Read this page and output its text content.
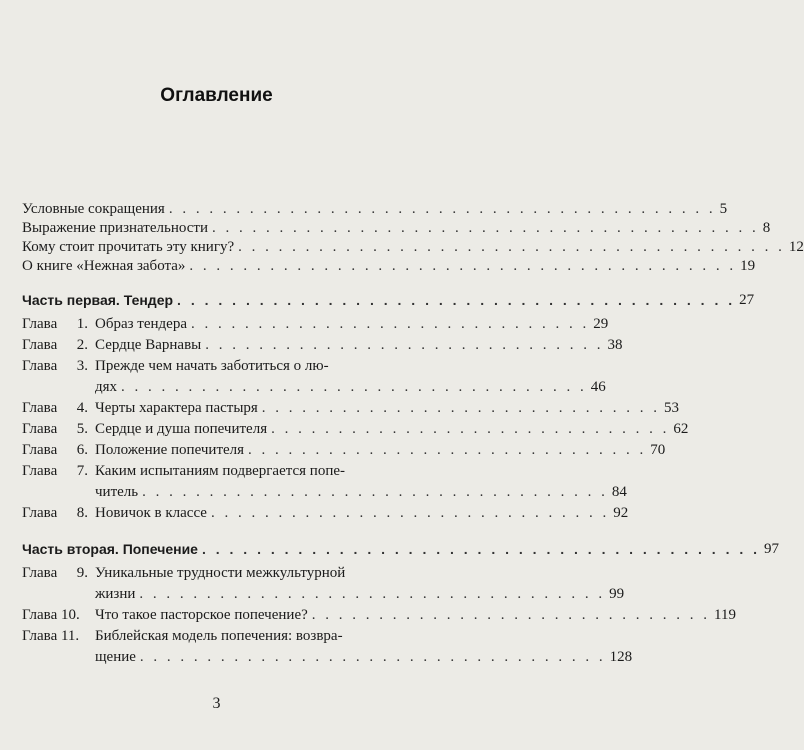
Оглавление
Условные сокращения . . . . . . . . . . . . . . . . . . . . . . . . . . . . . . . . . . . . . . . . . 5
Выражение признательности . . . . . . . . . . . . . . . . . . . . . . . . . . . . . . . . . . . . . . . . . 8
Кому стоит прочитать эту книгу? . . . . . . . . . . . . . . . . . . . . . . . . . . . . . . . . . . . . . . . . . 12
О книге «Нежная забота» . . . . . . . . . . . . . . . . . . . . . . . . . . . . . . . . . . . . . . . . . 19
Часть первая. Тендер . . . . . . . . . . . . . . . . . . . . . . . . . . . . . . . . . . . . . . . . . 27
Глава	1. Образ тендера . . . . . . . . . . . . . . . . . . . . . . . . . . . . . . 29
Глава	2. Сердце Варнавы . . . . . . . . . . . . . . . . . . . . . . . . . . . . . . 38
Глава	3. Прежде чем начать заботиться о лю-
дях . . . . . . . . . . . . . . . . . . . . . . . . . . . . . . . . . . . 46
Глава	4. Черты характера пастыря . . . . . . . . . . . . . . . . . . . . . . . . . . . . . . 53
Глава	5. Сердце и душа попечителя . . . . . . . . . . . . . . . . . . . . . . . . . . . . . . 62
Глава	6. Положение попечителя . . . . . . . . . . . . . . . . . . . . . . . . . . . . . . 70
Глава	7. Каким испытаниям подвергается попе-
читель . . . . . . . . . . . . . . . . . . . . . . . . . . . . . . . . . . . 84
Глава	8. Новичок в классе . . . . . . . . . . . . . . . . . . . . . . . . . . . . . . 92
Часть вторая. Попечение . . . . . . . . . . . . . . . . . . . . . . . . . . . . . . . . . . . . . . . . . 97
Глава	9. Уникальные трудности межкультурной
жизни . . . . . . . . . . . . . . . . . . . . . . . . . . . . . . . . . . . 99
Глава 10.	Что такое пасторское попечение? . . . . . . . . . . . . . . . . . . . . . . . . . . . . . . 119
Глава 11.	Библейская модель попечения: возвра-
щение . . . . . . . . . . . . . . . . . . . . . . . . . . . . . . . . . . . 128
3
